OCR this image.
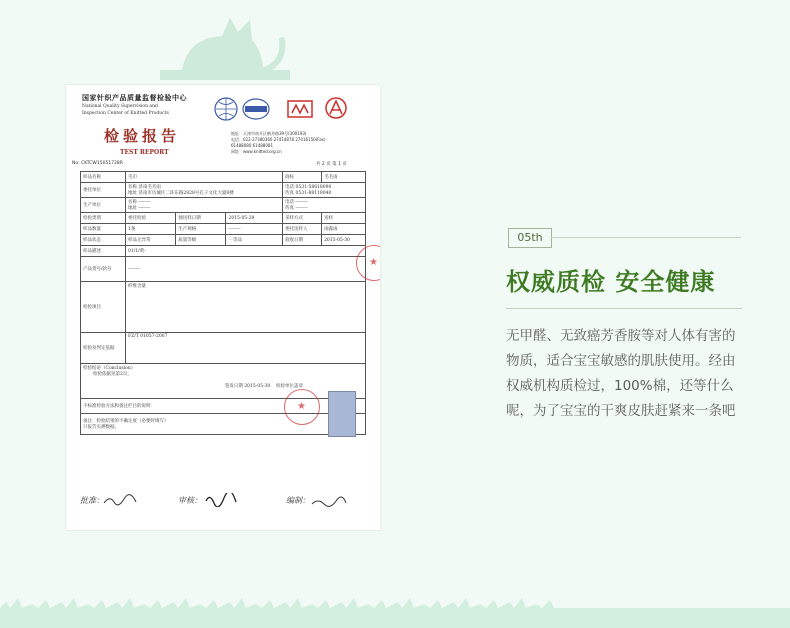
国家针织产品质量监督检验中心
National Quality Supervision and
Inspection Center of Knitted Products
检验报告
TEST REPORT
地址：天津市南开区鹤舟路39号(300193)
电话：022-27380360 27414878 27416150(Fax)
61488080 61488081
网址：www.knitted.org.cn
No: CKTCW15051728R	共 2 页 第 1 页
样品名称	毛巾			商标	毛毛雨
委托单位	名称 济南毛毛雨
地址 济南市历城区二环东路2828号孔子文化大厦8楼			电话 0531-58618090
传真 0531-88118040	
生产单位	名称 --------
地址 --------			电话 --------
传真 --------	
检验类别	委托检验	抽送样日期	2015-05-29	采样方式	送样
样品数量	1条	生产规格	--------	委托送样人	雨露雨
样品状态	样品无异常	质量等级	一等品	验收日期	2015-05-30
样品描述	01/1/黄-				
产品货号/款号	--------				
检验项目	纤维含量				
检验及判定依据	FZ/T 01057-2007				

检验结论（Conclusion）
检验依据见第2页。
签发日期 2015-05-30 检验单位盖章					

不标准检验方法和备注栏目的说明：					

备注：检验结果的不确定度（必要时填写）
只报告实测数据。					
★
★
批准：	审核：	编制：
05th
权威质检 安全健康
无甲醛、无致癌芳香胺等对人体有害的
物质，适合宝宝敏感的肌肤使用。经由
权威机构质检过，100%棉，还等什么
呢，为了宝宝的干爽皮肤赶紧来一条吧
